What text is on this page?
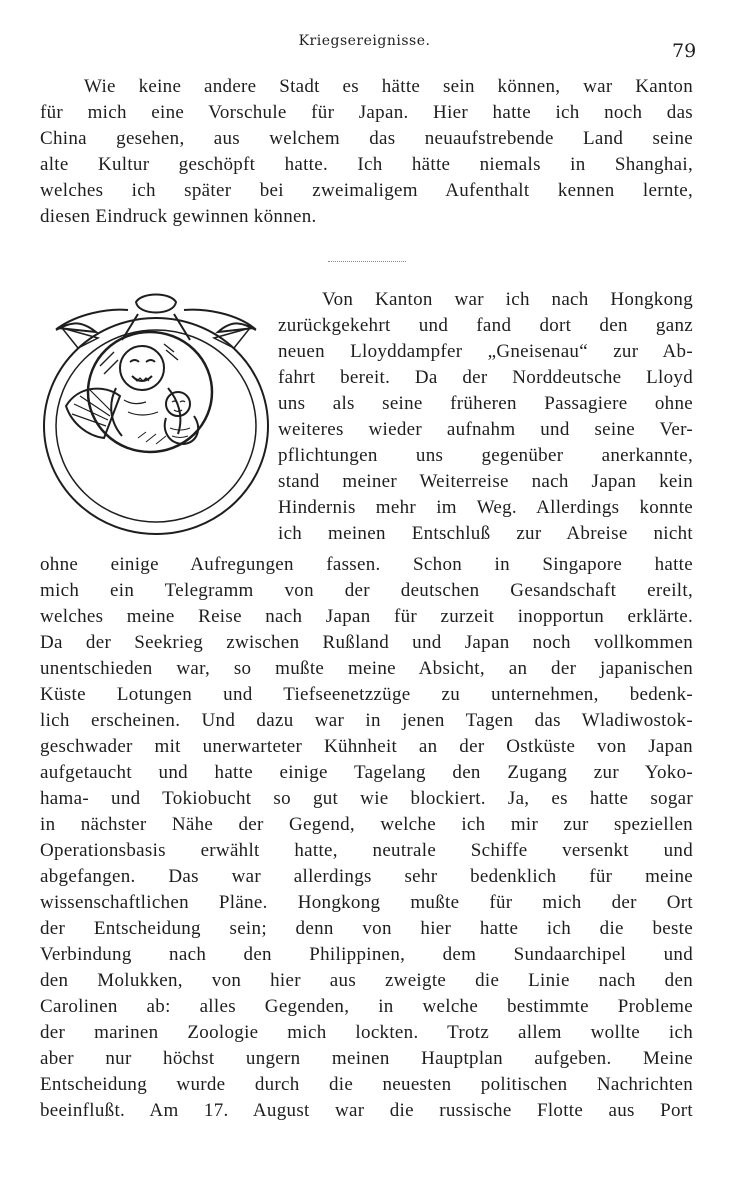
Kriegsereignisse.	79
Wie keine andere Stadt es hätte sein können, war Kanton
für mich eine Vorschule für Japan. Hier hatte ich noch das
China gesehen, aus welchem das neuaufstrebende Land seine
alte Kultur geschöpft hatte. Ich hätte niemals in Shanghai,
welches ich später bei zweimaligem Aufenthalt kennen lernte,
diesen Eindruck gewinnen können.
Von Kanton war ich nach Hongkong
zurückgekehrt und fand dort den ganz
neuen Lloyddampfer „Gneisenau“ zur Ab-
fahrt bereit. Da der Norddeutsche Lloyd
uns als seine früheren Passagiere ohne
weiteres wieder aufnahm und seine Ver-
pflichtungen uns gegenüber anerkannte,
stand meiner Weiterreise nach Japan kein
Hindernis mehr im Weg. Allerdings konnte
ich meinen Entschluß zur Abreise nicht
ohne einige Aufregungen fassen. Schon in Singapore hatte
mich ein Telegramm von der deutschen Gesandschaft ereilt,
welches meine Reise nach Japan für zurzeit inopportun erklärte.
Da der Seekrieg zwischen Rußland und Japan noch vollkommen
unentschieden war, so mußte meine Absicht, an der japanischen
Küste Lotungen und Tiefseenetzzüge zu unternehmen, bedenk-
lich erscheinen. Und dazu war in jenen Tagen das Wladiwostok-
geschwader mit unerwarteter Kühnheit an der Ostküste von Japan
aufgetaucht und hatte einige Tagelang den Zugang zur Yoko-
hama- und Tokiobucht so gut wie blockiert. Ja, es hatte sogar
in nächster Nähe der Gegend, welche ich mir zur speziellen
Operationsbasis erwählt hatte, neutrale Schiffe versenkt und
abgefangen. Das war allerdings sehr bedenklich für meine
wissenschaftlichen Pläne. Hongkong mußte für mich der Ort
der Entscheidung sein; denn von hier hatte ich die beste
Verbindung nach den Philippinen, dem Sundaarchipel und
den Molukken, von hier aus zweigte die Linie nach den
Carolinen ab: alles Gegenden, in welche bestimmte Probleme
der marinen Zoologie mich lockten. Trotz allem wollte ich
aber nur höchst ungern meinen Hauptplan aufgeben. Meine
Entscheidung wurde durch die neuesten politischen Nachrichten
beeinflußt. Am 17. August war die russische Flotte aus Port
